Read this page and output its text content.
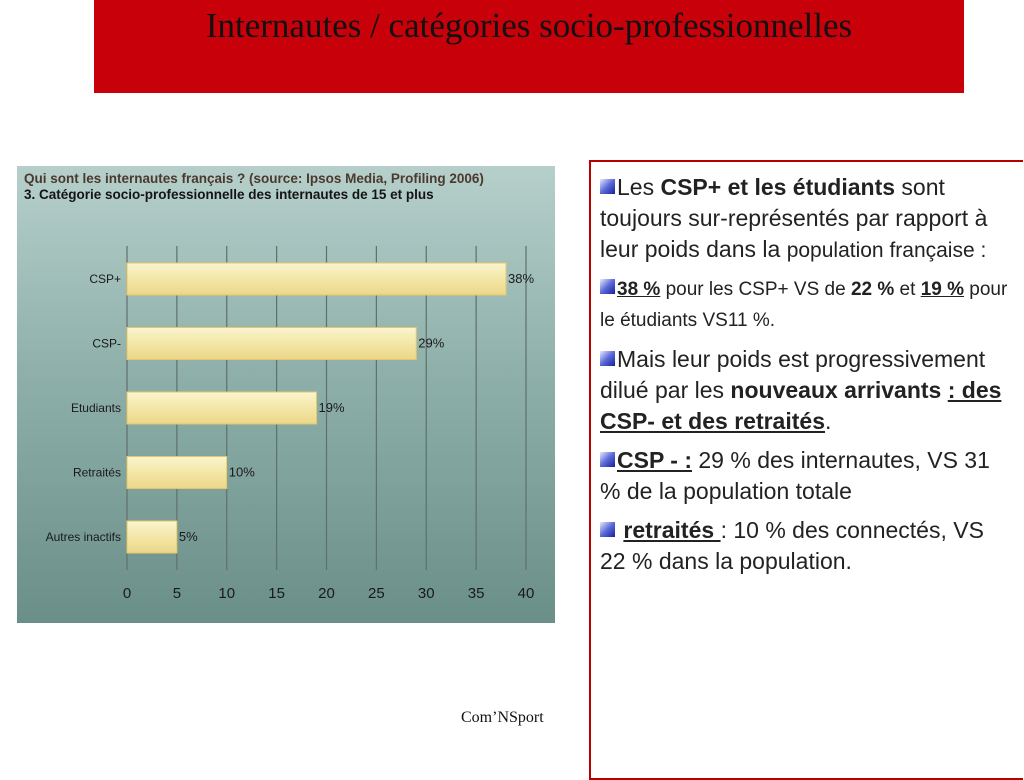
Internautes / catégories socio-professionnelles
0	5 10 15 20 25 30 35 40
CSP+	38%
CSP-	29%
Etudiants	19%
Retraités	10%
Autres inactifs	5%
Qui sont les internautes français ? (source: Ipsos Media, Profiling 2006)
3. Catégorie socio-professionnelle des internautes de 15 et plus
Com’NSport
Les CSP+ et les étudiants sont toujours sur-représentés par rapport à leur poids dans la population française :
38 % pour les CSP+ VS de 22 % et 19 % pour le étudiants VS11 %.
Mais leur poids est progressivement dilué par les nouveaux arrivants : des CSP- et des retraités.
CSP - : 29 % des internautes, VS 31 % de la population totale
retraités : 10 % des connectés, VS 22 % dans la population.
